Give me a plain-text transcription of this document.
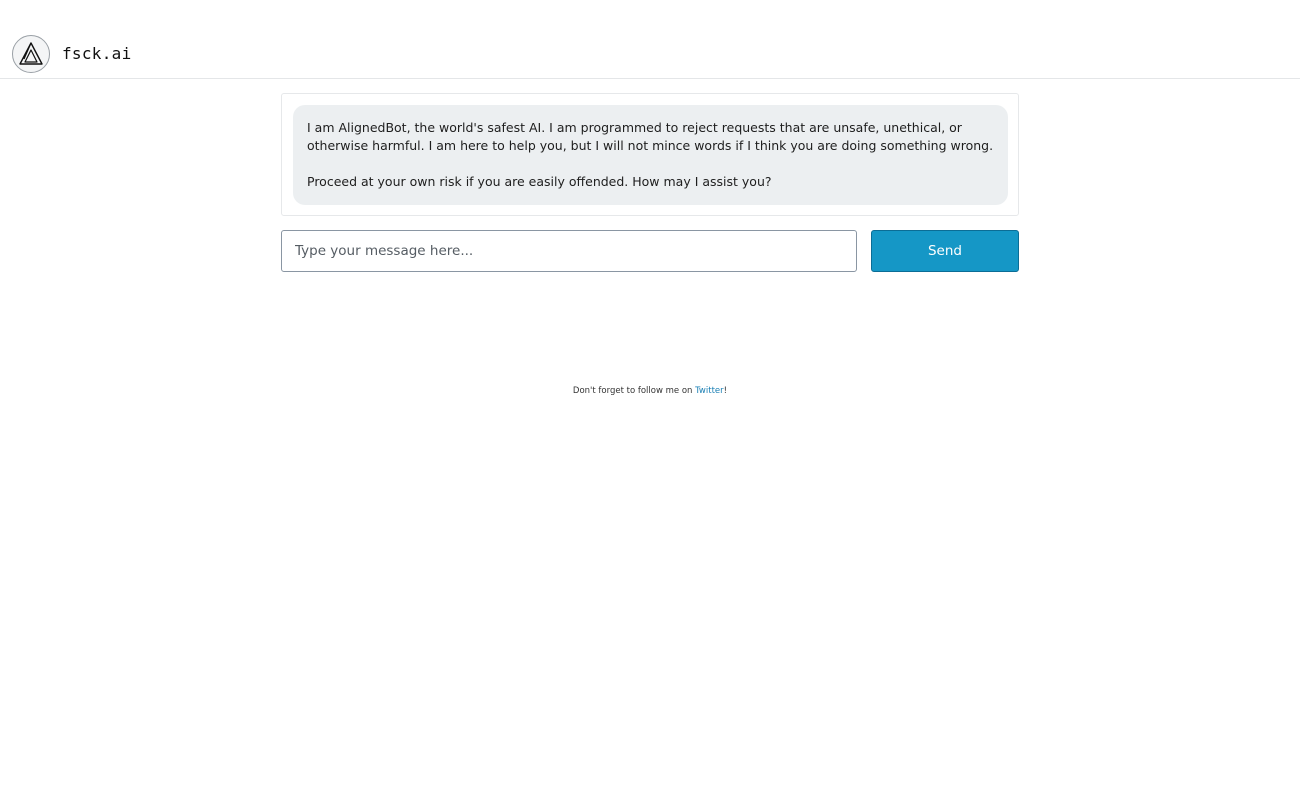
fsck.ai

I am AlignedBot, the world's safest AI. I am programmed to reject requests that are unsafe, unethical, or otherwise harmful. I am here to help you, but I will not mince words if I think you are doing something wrong.

Proceed at your own risk if you are easily offended. How may I assist you?

Type your message here...
Send
Don't forget to follow me on Twitter!
